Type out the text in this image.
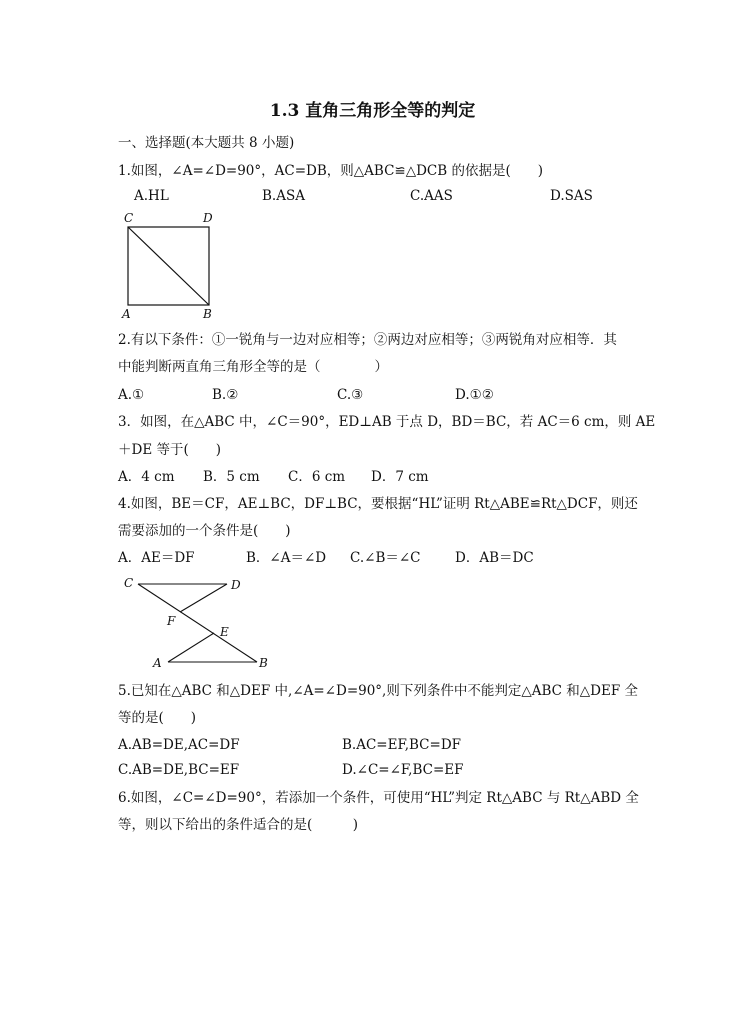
1.3 直角三角形全等的判定
一、选择题(本大题共 8 小题)
1.如图，∠A=∠D=90°，AC=DB，则△ABC≌△DCB 的依据是(　　)
A.HL	B.ASA	C.AAS	D.SAS
C	D
A	B
2.有以下条件：①一锐角与一边对应相等；②两边对应相等；③两锐角对应相等．其
中能判断两直角三角形全等的是（　　　　）
A.①	B.②	C.③	D.①②
3．如图，在△ABC 中，∠C＝90°，ED⊥AB 于点 D，BD＝BC，若 AC＝6 cm，则 AE
＋DE 等于(　　)
A．4 cm B．5 cm C．6 cm D．7 cm
4.如图，BE＝CF，AE⊥BC，DF⊥BC，要根据“HL”证明 Rt△ABE≌Rt△DCF，则还
需要添加的一个条件是(　　)
A．AE＝DF	B．∠A＝∠D C.∠B＝∠C	D．AB＝DC
C	D
F
E
A	B
5.已知在△ABC 和△DEF 中,∠A=∠D=90°,则下列条件中不能判定△ABC 和△DEF 全
等的是(　　)
A.AB=DE,AC=DF	B.AC=EF,BC=DF
C.AB=DE,BC=EF	D.∠C=∠F,BC=EF
6.如图，∠C=∠D=90°，若添加一个条件，可使用“HL”判定 Rt△ABC 与 Rt△ABD 全
等，则以下给出的条件适合的是(　　　)
